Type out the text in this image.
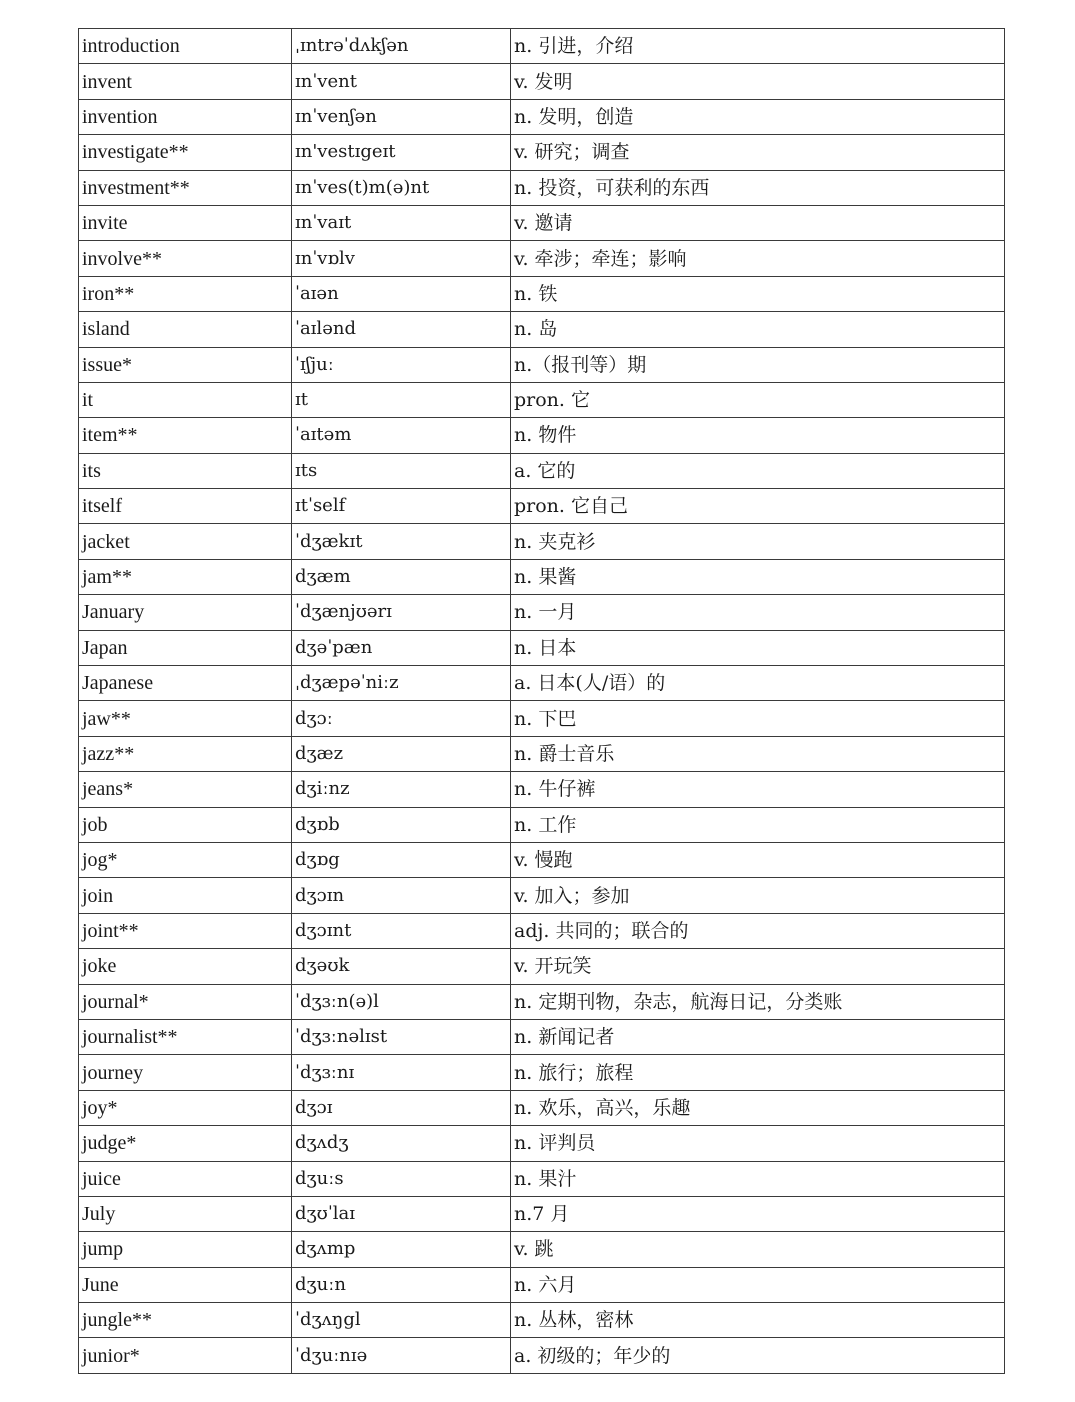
introduction	ˌɪntrəˈdʌkʃən	n. 引进，介绍
invent	ɪnˈvent	v. 发明
invention	ɪnˈvenʃən	n. 发明，创造
investigate**	ɪn'vestɪgeɪt	v. 研究；调查
investment**	ɪnˈves(t)m(ə)nt	n. 投资，可获利的东西
invite	ɪnˈvaɪt	v. 邀请
involve**	ɪnˈvɒlv	v. 牵涉；牵连；影响
iron**	ˈaɪən	n. 铁
island	ˈaɪlənd	n. 岛
issue*	ˈɪʃjuː	n.（报刊等）期
it	ɪt	pron. 它
item**	ˈaɪtəm	n. 物件
its	ɪts	a. 它的
itself	ɪtˈself	pron. 它自己
jacket	ˈdʒækɪt	n. 夹克衫
jam**	dʒæm	n. 果酱
January	ˈdʒænjʊərɪ	n. 一月
Japan	dʒəˈpæn	n. 日本
Japanese	ˌdʒæpəˈniːz	a. 日本(人/语）的
jaw**	dʒɔː	n. 下巴
jazz**	dʒæz	n. 爵士音乐
jeans*	dʒiːnz	n. 牛仔裤
job	dʒɒb	n. 工作
jog*	dʒɒg	v. 慢跑
join	dʒɔɪn	v. 加入；参加
joint**	dʒɔɪnt	adj. 共同的；联合的
joke	dʒəʊk	v. 开玩笑
journal*	ˈdʒɜːn(ə)l	n. 定期刊物，杂志，航海日记，分类账
journalist**	ˈdʒɜːnəlɪst	n. 新闻记者
journey	ˈdʒɜːnɪ	n. 旅行；旅程
joy*	dʒɔɪ	n. 欢乐，高兴，乐趣
judge*	dʒʌdʒ	n. 评判员
juice	dʒuːs	n. 果汁
July	dʒʊˈlaɪ	n.7 月
jump	dʒʌmp	v. 跳
June	dʒuːn	n. 六月
jungle**	ˈdʒʌŋgl	n. 丛林，密林
junior*	ˈdʒuːnɪə	a. 初级的；年少的
